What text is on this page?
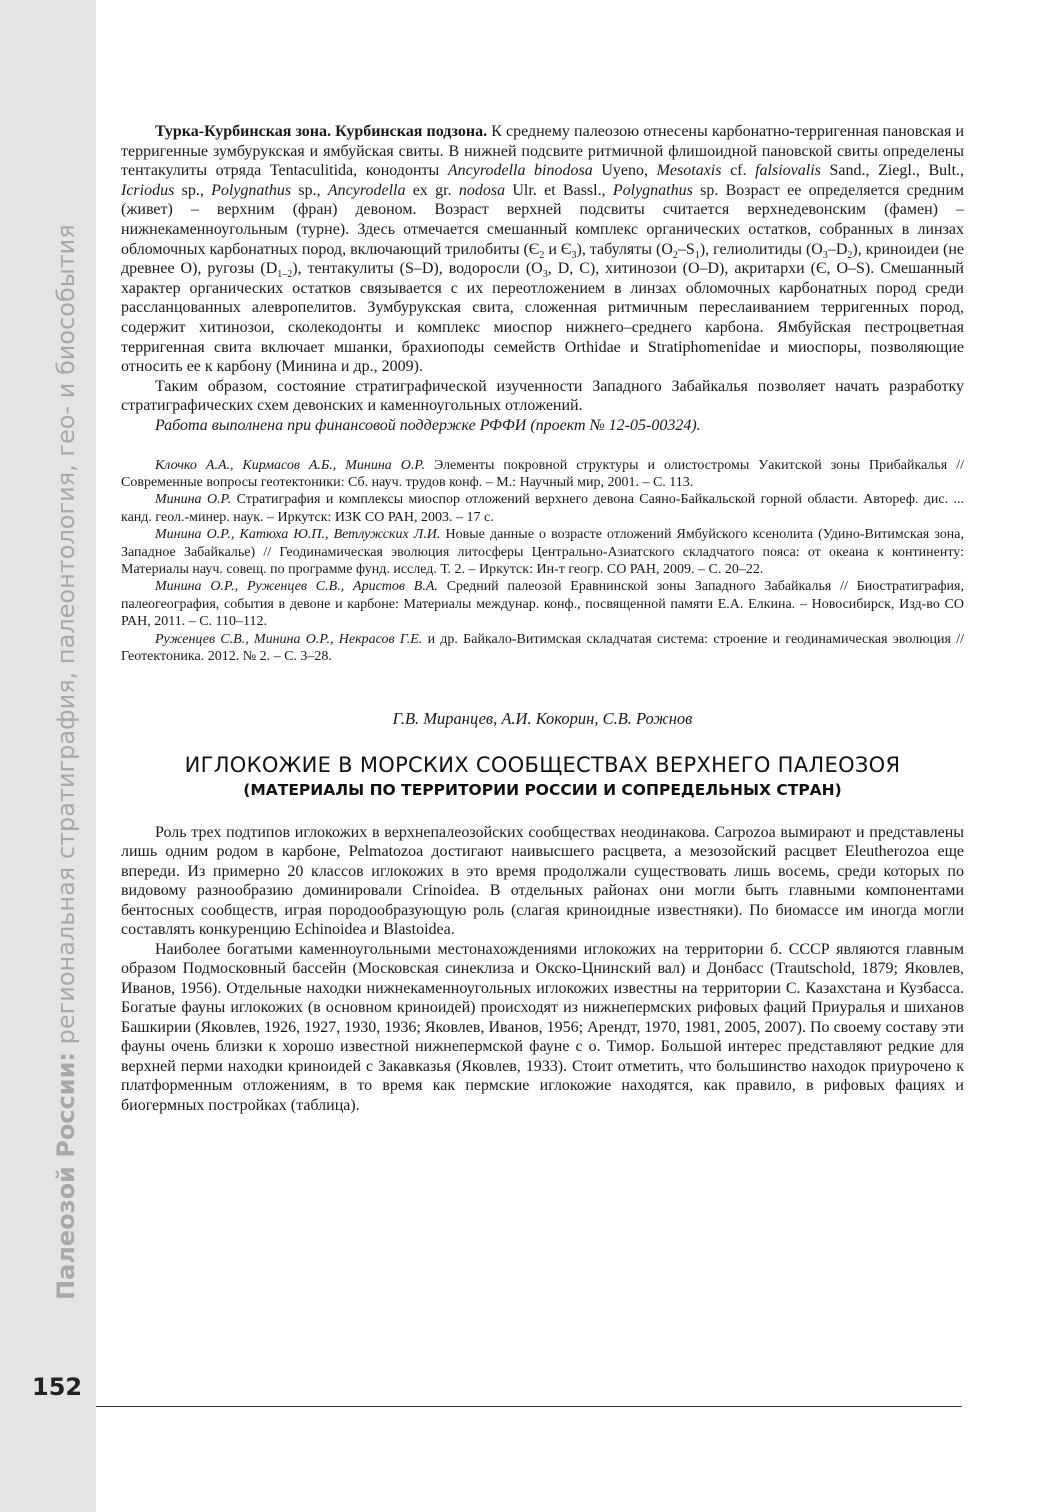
Палеозой России: региональная стратиграфия, палеонтология, гео- и биособытия

Турка-Курбинская зона. Курбинская подзона. К среднему палеозою отнесены карбонатно-терригенная пановская и терригенные зумбурукская и ямбуйская свиты. В нижней подсвите ритмичной флишоидной пановской свиты определены тентакулиты отряда Tentaculitida, конодонты Ancyrodella binodosa Uyeno, Mesotaxis cf. falsiovalis Sand., Ziegl., Bult., Icriodus sp., Polygnathus sp., Ancyrodella ex gr. nodosa Ulr. et Bassl., Polygnathus sp. Возраст ее определяется средним (живет) – верхним (фран) девоном. Возраст верхней подсвиты считается верхнедевонским (фамен) – нижнекаменноугольным (турне). Здесь отмечается смешанный комплекс органических остатков, собранных в линзах обломочных карбонатных пород, включающий трилобиты ($Є_2$ и $Є_3$), табуляты $(O_2-S_1)$, гелиолитиды $(O_3-D_2)$, криноидеи (не древнее O), ругозы $(D_{1-2})$, тентакулиты (S–D), водоросли ($O_3$, D, C), хитинозои (O–D), акритархи (Є, O–S). Смешанный характер органических остатков связывается с их переотложением в линзах обломочных карбонатных пород среди рассланцованных алевропелитов. Зумбурукская свита, сложенная ритмичным переслаиванием терригенных пород, содержит хитинозои, сколекодонты и комплекс миоспор нижнего–среднего карбона. Ямбуйская пестроцветная терригенная свита включает мшанки, брахиоподы семейств Orthidae и Stratiphomenidae и миоспоры, позволяющие относить ее к карбону (Минина и др., 2009).

Таким образом, состояние стратиграфической изученности Западного Забайкалья позволяет начать разработку стратиграфических схем девонских и каменноугольных отложений.

Работа выполнена при финансовой поддержке РФФИ (проект № 12-05-00324).

Клочко А.А., Кирмасов А.Б., Минина О.Р. Элементы покровной структуры и олистостромы Уакитской зоны Прибайкалья // Современные вопросы геотектоники: Сб. науч. трудов конф. – М.: Научный мир, 2001. – С. 113.

Минина О.Р. Стратиграфия и комплексы миоспор отложений верхнего девона Саяно-Байкальской горной области. Автореф. дис. ... канд. геол.-минер. наук. – Иркутск: ИЗК СО РАН, 2003. – 17 с.

Минина О.Р., Катюха Ю.П., Ветлужских Л.И. Новые данные о возрасте отложений Ямбуйского ксенолита (Удино-Витимская зона, Западное Забайкалье) // Геодинамическая эволюция литосферы Центрально-Азиатского складчатого пояса: от океана к континенту: Материалы науч. совещ. по программе фунд. исслед. Т. 2. – Иркутск: Ин-т геогр. СО РАН, 2009. – С. 20–22.

Минина О.Р., Руженцев С.В., Аристов В.А. Средний палеозой Еравнинской зоны Западного Забайкалья // Биостратиграфия, палеогеография, события в девоне и карбоне: Материалы междунар. конф., посвященной памяти Е.А. Елкина. – Новосибирск, Изд-во СО РАН, 2011. – С. 110–112.

Руженцев С.В., Минина О.Р., Некрасов Г.Е. и др. Байкало-Витимская складчатая система: строение и геодинамическая эволюция // Геотектоника. 2012. № 2. – С. 3–28.

Г.В. Миранцев, А.И. Кокорин, С.В. Рожнов
ИГЛОКОЖИЕ В МОРСКИХ СООБЩЕСТВАХ ВЕРХНЕГО ПАЛЕОЗОЯ
(МАТЕРИАЛЫ ПО ТЕРРИТОРИИ РОССИИ И СОПРЕДЕЛЬНЫХ СТРАН)

Роль трех подтипов иглокожих в верхнепалеозойских сообществах неодинакова. Carpozoa вымирают и представлены лишь одним родом в карбоне, Pelmatozoa достигают наивысшего расцвета, а мезозойский расцвет Eleutherozoa еще впереди. Из примерно 20 классов иглокожих в это время продолжали существовать лишь восемь, среди которых по видовому разнообразию доминировали Crinoidea. В отдельных районах они могли быть главными компонентами бентосных сообществ, играя породообразующую роль (слагая криноидные известняки). По биомассе им иногда могли составлять конкуренцию Echinoidea и Blastoidea.

Наиболее богатыми каменноугольными местонахождениями иглокожих на территории б. СССР являются главным образом Подмосковный бассейн (Московская синеклиза и Окско-Цнинский вал) и Донбасс (Trautschold, 1879; Яковлев, Иванов, 1956). Отдельные находки нижнекаменноугольных иглокожих известны на территории С. Казахстана и Кузбасса. Богатые фауны иглокожих (в основном криноидей) происходят из нижнепермских рифовых фаций Приуралья и шиханов Башкирии (Яковлев, 1926, 1927, 1930, 1936; Яковлев, Иванов, 1956; Арендт, 1970, 1981, 2005, 2007). По своему составу эти фауны очень близки к хорошо известной нижнепермской фауне с о. Тимор. Большой интерес представляют редкие для верхней перми находки криноидей с Закавказья (Яковлев, 1933). Стоит отметить, что большинство находок приурочено к платформенным отложениям, в то время как пермские иглокожие находятся, как правило, в рифовых фациях и биогермных постройках (таблица).

152
